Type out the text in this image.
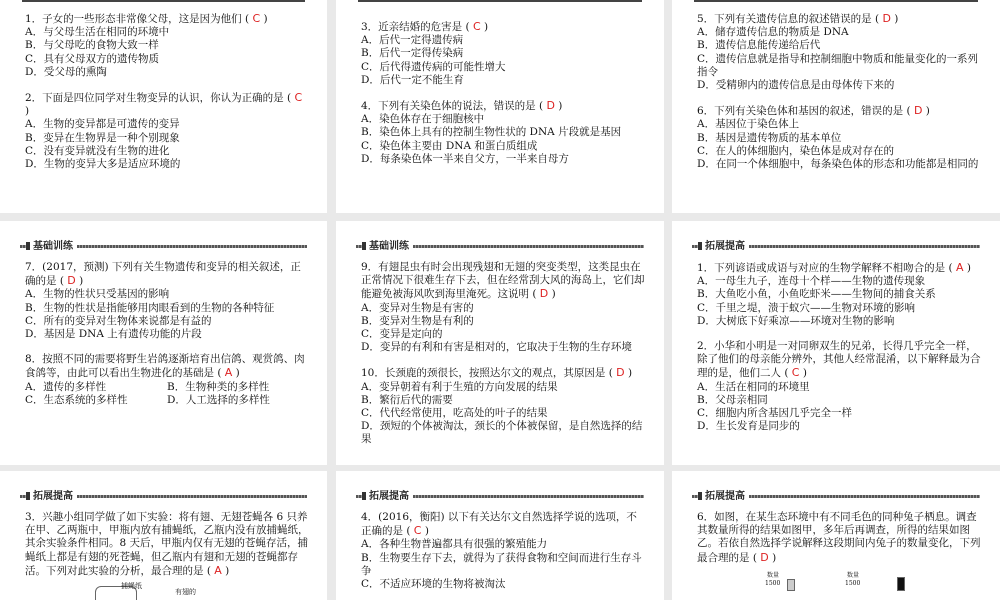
1．子女的一些形态非常像父母，这是因为他们 ( C )

A．与父母生活在相同的环境中

B．与父母吃的食物大致一样

C．具有父母双方的遗传物质

D．受父母的熏陶

2．下面是四位同学对生物变异的认识，你认为正确的是 ( C )

A．生物的变异都是可遗传的变异

B．变异在生物界是一种个别现象

C．没有变异就没有生物的进化

D．生物的变异大多是适应环境的

3．近亲结婚的危害是 ( C )

A．后代一定得遗传病

B．后代一定得传染病

C．后代得遗传病的可能性增大

D．后代一定不能生育

4．下列有关染色体的说法，错误的是 ( D )

A．染色体存在于细胞核中

B．染色体上具有的控制生物性状的 DNA 片段就是基因

C．染色体主要由 DNA 和蛋白质组成

D．每条染色体一半来自父方，一半来自母方

5．下列有关遗传信息的叙述错误的是 ( D )

A．储存遗传信息的物质是 DNA

B．遗传信息能传递给后代

C．遗传信息就是指导和控制细胞中物质和能量变化的一系列指令

D．受精卵内的遗传信息是由母体传下来的

6．下列有关染色体和基因的叙述，错误的是 ( D )

A．基因位于染色体上

B．基因是遗传物质的基本单位

C．在人的体细胞内，染色体是成对存在的

D．在同一个体细胞中，每条染色体的形态和功能都是相同的

基础训练

7．(2017，预测) 下列有关生物遗传和变异的相关叙述，正确的是 ( D )

A．生物的性状只受基因的影响

B．生物的性状是指能够用肉眼看到的生物的各种特征

C．所有的变异对生物体来说都是有益的

D．基因是 DNA 上有遗传功能的片段

8．按照不同的需要将野生岩鸽逐渐培育出信鸽、观赏鸽、肉食鸽等，由此可以看出生物进化的基础是 ( A )

A．遗传的多样性	B．生物种类的多样性

C．生态系统的多样性	D．人工选择的多样性

基础训练

9．有翅昆虫有时会出现残翅和无翅的突变类型，这类昆虫在正常情况下很难生存下去，但在经常刮大风的海岛上，它们却能避免被海风吹到海里淹死。这说明 ( D )

A．变异对生物是有害的

B．变异对生物是有利的

C．变异是定向的

D．变异的有利和有害是相对的，它取决于生物的生存环境

10．长颈鹿的颈很长，按照达尔文的观点，其原因是 ( D )

A．变异朝着有利于生殖的方向发展的结果

B．繁衍后代的需要

C．代代经常使用，吃高处的叶子的结果

D．颈短的个体被淘汰，颈长的个体被保留，是自然选择的结果

拓展提高

1．下列谚语或成语与对应的生物学解释不相吻合的是 ( A )

A．一母生九子，连母十个样——生物的遗传现象

B．大鱼吃小鱼，小鱼吃虾米——生物间的捕食关系

C．千里之堤，溃于蚁穴——生物对环境的影响

D．大树底下好乘凉——环境对生物的影响

2．小华和小明是一对同卵双生的兄弟，长得几乎完全一样，除了他们的母亲能分辨外，其他人经常混淆，以下解释最为合理的是，他们二人 ( C )

A．生活在相同的环境里

B．父母亲相同

C．细胞内所含基因几乎完全一样

D．生长发育是同步的

拓展提高

3．兴趣小组同学做了如下实验：将有翅、无翅苍蝇各 6 只养在甲、乙两瓶中，甲瓶内放有捕蝇纸，乙瓶内没有放捕蝇纸，其余实验条件相同。8 天后，甲瓶内仅有无翅的苍蝇存活，捕蝇纸上都是有翅的死苍蝇，但乙瓶内有翅和无翅的苍蝇都存活。下列对此实验的分析，最合理的是 ( A )

捕蝇纸
有翅的
拓展提高

4．(2016，衡阳) 以下有关达尔文自然选择学说的选项，不正确的是 ( C )

A．各种生物普遍都具有很强的繁殖能力

B．生物要生存下去，就得为了获得食物和空间而进行生存斗争

C．不适应环境的生物将被淘汰

拓展提高

6．如图，在某生态环境中有不同毛色的同种兔子栖息。调查其数量所得的结果如图甲，多年后再调查，所得的结果如图乙。若依自然选择学说解释这段期间内兔子的数量变化，下列最合理的是 ( D )

数量
1500
数量
1500
